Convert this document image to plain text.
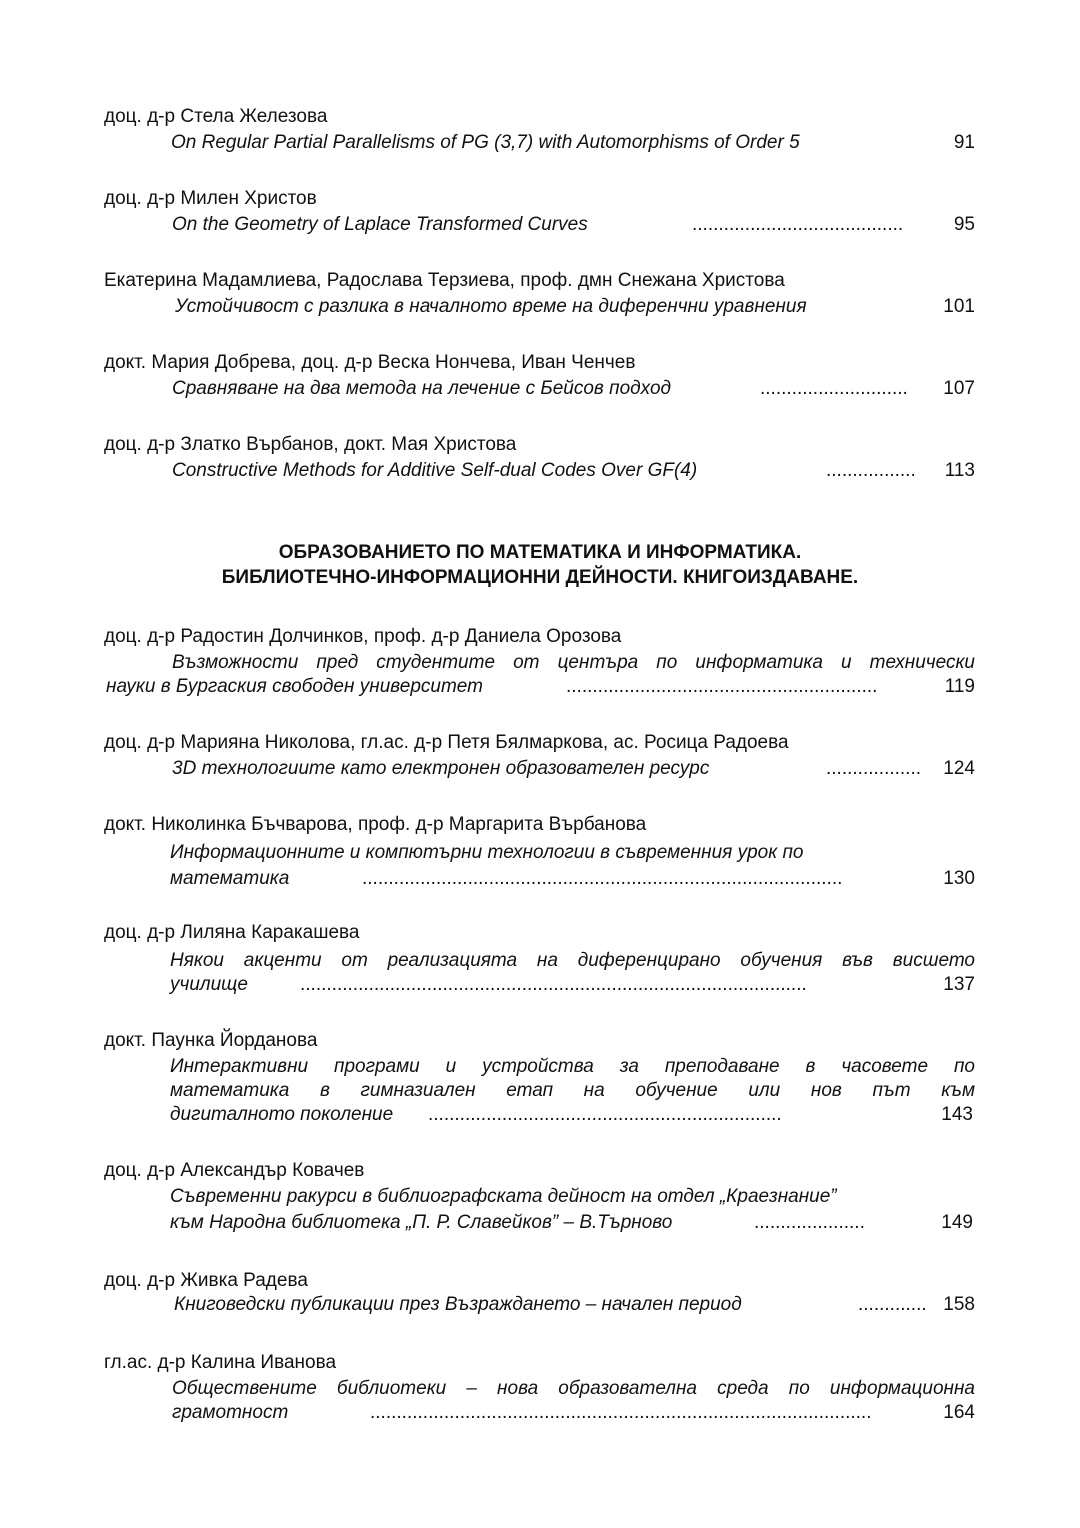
доц. д-р Стела Железова
On Regular Partial Parallelisms of PG (3,7) with Automorphisms of Order 5	91
доц. д-р Милен Христов
On the Geometry of Laplace Transformed Curves	........................................	95
Екатерина Мадамлиева, Радослава Терзиева, проф. дмн Снежана Христова
Устойчивост с разлика в началното време на диференчни уравнения	101
докт. Мария Добрева, доц. д-р Веска Нончева, Иван Ченчев
Сравняване на два метода на лечение с Бейсов подход	............................	107
доц. д-р Златко Върбанов, докт. Мая Христова
Constructive Methods for Additive Self-dual Codes Over GF(4)	.................	113
ОБРАЗОВАНИЕТО ПО МАТЕМАТИКА И ИНФОРМАТИКА.
БИБЛИОТЕЧНО-ИНФОРМАЦИОННИ ДЕЙНОСТИ. КНИГОИЗДАВАНЕ.
доц. д-р Радостин Долчинков, проф. д-р Даниела Орозова
Възможности пред студентите от центъра по информатика и технически
науки в Бургаския свободен университет	...........................................................	119
доц. д-р Марияна Николова, гл.ас. д-р Петя Бялмаркова, ас. Росица Радоева
3D технологиите като електронен образователен ресурс	..................	124
докт. Николинка Бъчварова, проф. д-р Маргарита Върбанова
Информационните и компютърни технологии в съвременния урок по
математика	...........................................................................................	130
доц. д-р Лиляна Каракашева
Някои акценти от реализацията на диференцирано обучения във висшето
училище	................................................................................................	137
докт. Паунка Йорданова
Интерактивни програми и устройства за преподаване в часовете по
математика в гимназиален етап на обучение или нов път към
дигиталното поколение ...................................................................	143
доц. д-р Александър Ковачев
Съвременни ракурси в библиографската дейност на отдел „Краезнание”
към Народна библиотека „П. Р. Славейков” – В.Търново	.....................	149
доц. д-р Живка Радева
Книговедски публикации през Възраждането – начален период	............. 158
гл.ас. д-р Калина Иванова
Обществените библиотеки – нова образователна среда по информационна
грамотност	...............................................................................................	164
